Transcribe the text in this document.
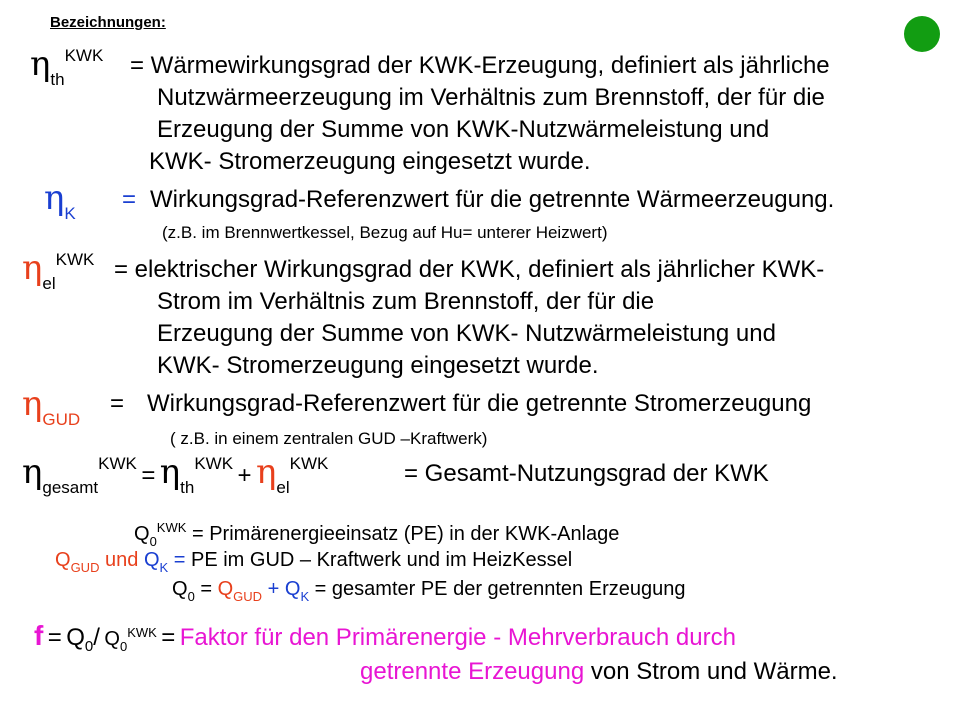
Bezeichnungen:
ηthKWK = Wärmewirkungsgrad der KWK-Erzeugung, definiert als jährliche
Nutzwärmeerzeugung im Verhältnis zum Brennstoff, der für die
Erzeugung der Summe von KWK-Nutzwärmeleistung und
KWK- Stromerzeugung eingesetzt wurde.
ηK
= Wirkungsgrad-Referenzwert für die getrennte Wärmeerzeugung.
(z.B. im Brennwertkessel, Bezug auf Hu= unterer Heizwert)
ηelKWK = elektrischer Wirkungsgrad der KWK, definiert als jährlicher KWK-
Strom im Verhältnis zum Brennstoff, der für die
Erzeugung der Summe von KWK- Nutzwärmeleistung und
KWK- Stromerzeugung eingesetzt wurde.
ηGUD
= Wirkungsgrad-Referenzwert für die getrennte Stromerzeugung
( z.B. in einem zentralen GUD –Kraftwerk)
ηgesamtKWK = ηthKWK + ηelKWK	= Gesamt-Nutzungsgrad der KWK
$Q_0^{KWK}$ = Primärenergieeinsatz (PE) in der KWK-Anlage
$Q_{GUD}$ und $Q_K$ = PE im GUD – Kraftwerk und im HeizKessel
$Q_0 = Q_{GUD} + Q_K$ = gesamter PE der getrennten Erzeugung
f = Q0/ $Q_0^{KWK}$ = Faktor für den Primärenergie - Mehrverbrauch durch
getrennte Erzeugung von Strom und Wärme.
